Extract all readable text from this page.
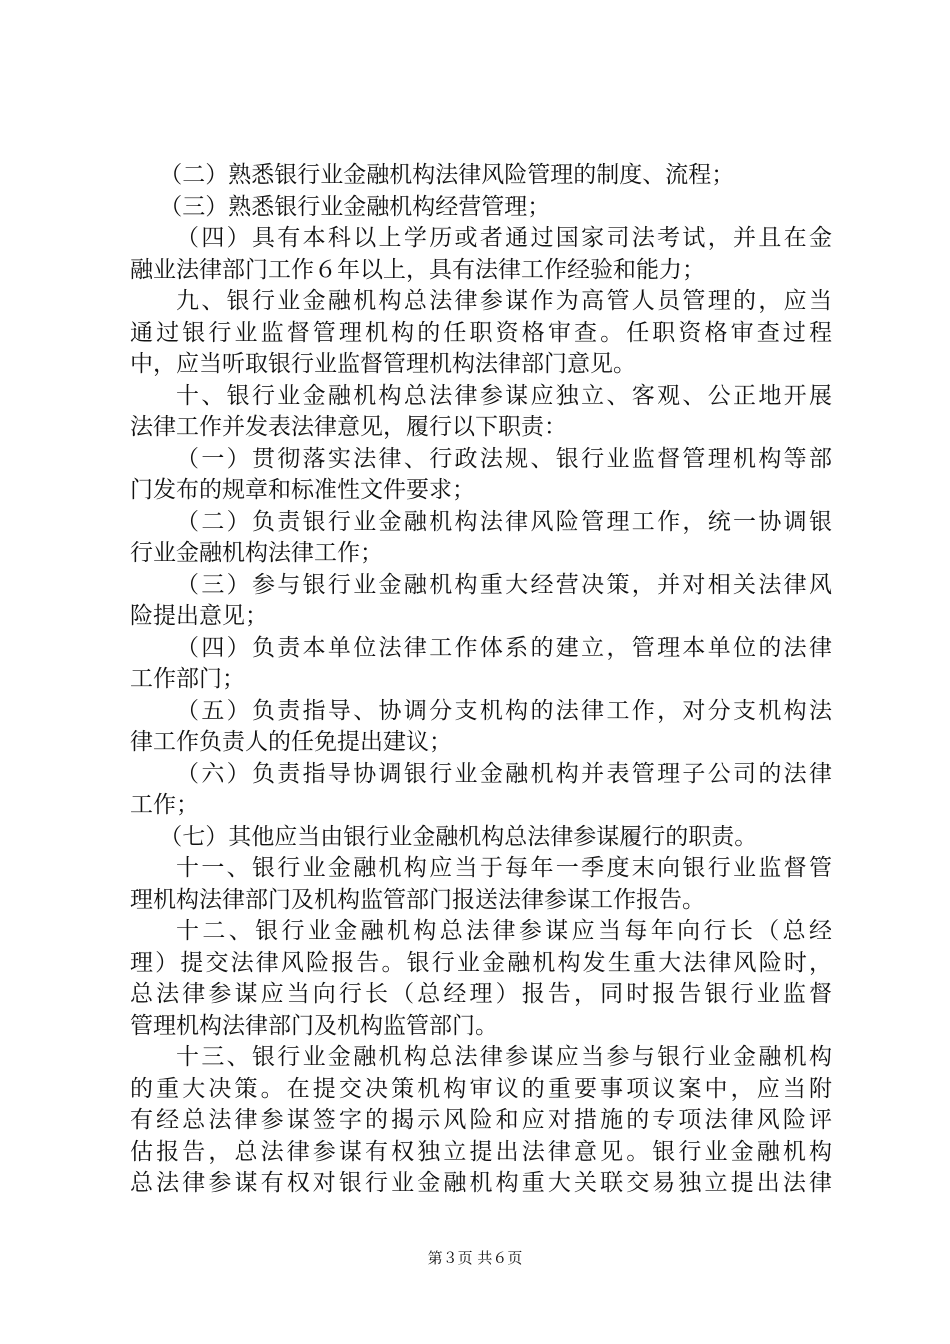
（二）熟悉银行业金融机构法律风险管理的制度、流程；
（三）熟悉银行业金融机构经营管理；
（四）具有本科以上学历或者通过国家司法考试，并且在金
融业法律部门工作６年以上，具有法律工作经验和能力；
九、银行业金融机构总法律参谋作为高管人员管理的，应当
通过银行业监督管理机构的任职资格审查。任职资格审查过程
中，应当听取银行业监督管理机构法律部门意见。
十、银行业金融机构总法律参谋应独立、客观、公正地开展
法律工作并发表法律意见，履行以下职责：
（一）贯彻落实法律、行政法规、银行业监督管理机构等部
门发布的规章和标准性文件要求；
（二）负责银行业金融机构法律风险管理工作，统一协调银
行业金融机构法律工作；
（三）参与银行业金融机构重大经营决策，并对相关法律风
险提出意见；
（四）负责本单位法律工作体系的建立，管理本单位的法律
工作部门；
（五）负责指导、协调分支机构的法律工作，对分支机构法
律工作负责人的任免提出建议；
（六）负责指导协调银行业金融机构并表管理子公司的法律
工作；
（七）其他应当由银行业金融机构总法律参谋履行的职责。
十一、银行业金融机构应当于每年一季度末向银行业监督管
理机构法律部门及机构监管部门报送法律参谋工作报告。
十二、银行业金融机构总法律参谋应当每年向行长（总经
理）提交法律风险报告。银行业金融机构发生重大法律风险时，
总法律参谋应当向行长（总经理）报告，同时报告银行业监督
管理机构法律部门及机构监管部门。
十三、银行业金融机构总法律参谋应当参与银行业金融机构
的重大决策。在提交决策机构审议的重要事项议案中，应当附
有经总法律参谋签字的揭示风险和应对措施的专项法律风险评
估报告，总法律参谋有权独立提出法律意见。银行业金融机构
总法律参谋有权对银行业金融机构重大关联交易独立提出法律
第３页 共６页
